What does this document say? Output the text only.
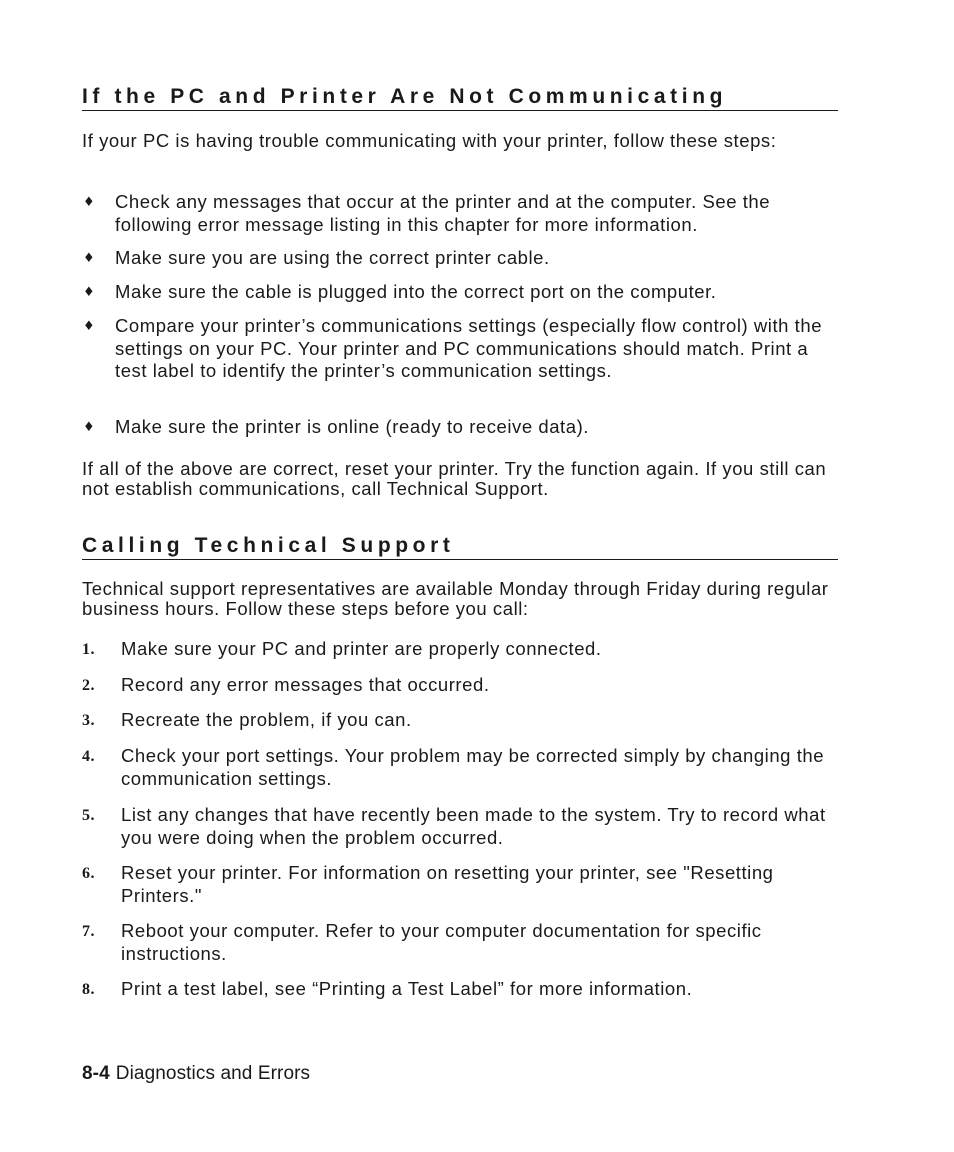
If the PC and Printer Are Not Communicating

If your PC is having trouble communicating with your printer, follow these steps:

♦ Check any messages that occur at the printer and at the computer. See the following error message listing in this chapter for more information.
♦ Make sure you are using the correct printer cable.
♦ Make sure the cable is plugged into the correct port on the computer.
♦ Compare your printer’s communications settings (especially flow control) with the settings on your PC. Your printer and PC communications should match. Print a test label to identify the printer’s communication settings.
♦ Make sure the printer is online (ready to receive data).

If all of the above are correct, reset your printer. Try the function again. If you still can not establish communications, call Technical Support.

Calling Technical Support

Technical support representatives are available Monday through Friday during regular business hours. Follow these steps before you call:

1. Make sure your PC and printer are properly connected.
2. Record any error messages that occurred.
3. Recreate the problem, if you can.
4. Check your port settings. Your problem may be corrected simply by changing the communication settings.
5. List any changes that have recently been made to the system. Try to record what you were doing when the problem occurred.
6. Reset your printer. For information on resetting your printer, see "Resetting Printers."
7. Reboot your computer. Refer to your computer documentation for specific instructions.
8. Print a test label, see “Printing a Test Label” for more information.
8-4 Diagnostics and Errors
